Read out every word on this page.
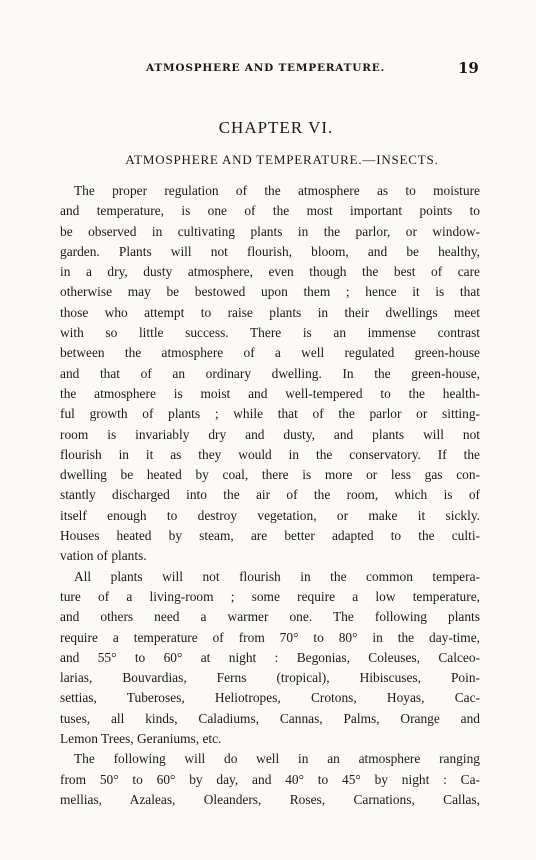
ATMOSPHERE AND TEMPERATURE.	19
CHAPTER VI.
ATMOSPHERE AND TEMPERATURE.—INSECTS.
The proper regulation of the atmosphere as to moisture
and temperature, is one of the most important points to
be observed in cultivating plants in the parlor, or window-
garden. Plants will not flourish, bloom, and be healthy,
in a dry, dusty atmosphere, even though the best of care
otherwise may be bestowed upon them ; hence it is that
those who attempt to raise plants in their dwellings meet
with so little success. There is an immense contrast
between the atmosphere of a well regulated green-house
and that of an ordinary dwelling. In the green-house,
the atmosphere is moist and well-tempered to the health-
ful growth of plants ; while that of the parlor or sitting-
room is invariably dry and dusty, and plants will not
flourish in it as they would in the conservatory. If the
dwelling be heated by coal, there is more or less gas con-
stantly discharged into the air of the room, which is of
itself enough to destroy vegetation, or make it sickly.
Houses heated by steam, are better adapted to the culti-
vation of plants.
All plants will not flourish in the common tempera-
ture of a living-room ; some require a low temperature,
and others need a warmer one. The following plants
require a temperature of from 70° to 80° in the day-time,
and 55° to 60° at night : Begonias, Coleuses, Calceo-
larias, Bouvardias, Ferns (tropical), Hibiscuses, Poin-
settias, Tuberoses, Heliotropes, Crotons, Hoyas, Cac-
tuses, all kinds, Caladiums, Cannas, Palms, Orange and
Lemon Trees, Geraniums, etc.
The following will do well in an atmosphere ranging
from 50° to 60° by day, and 40° to 45° by night : Ca-
mellias, Azaleas, Oleanders, Roses, Carnations, Callas,
